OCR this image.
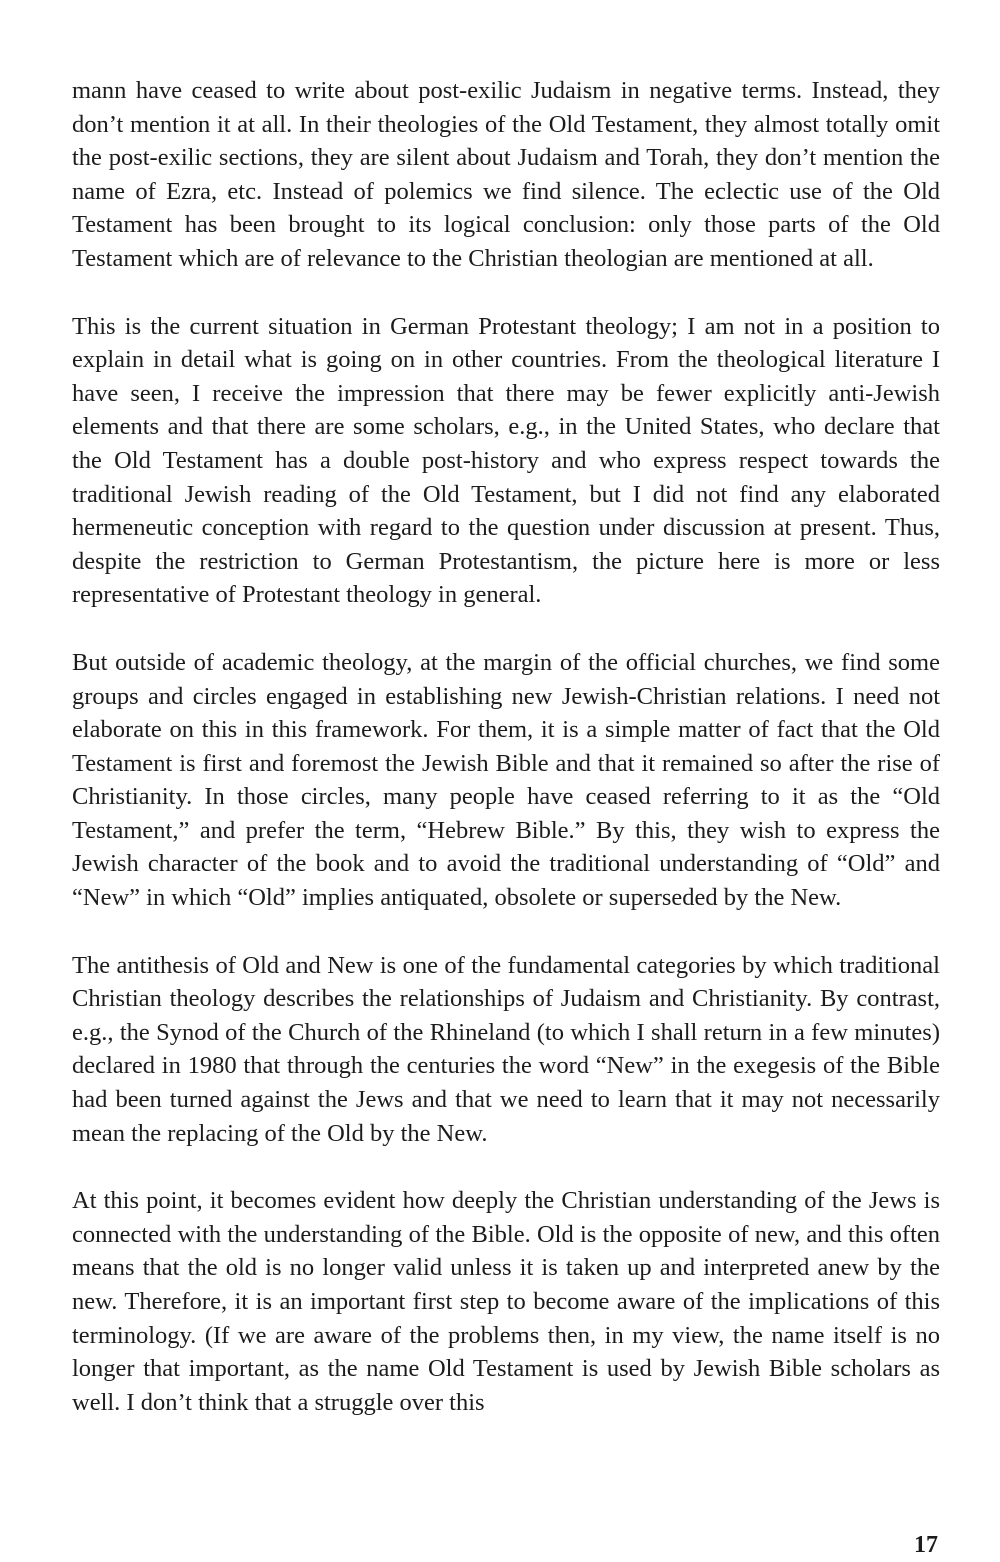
mann have ceased to write about post-exilic Judaism in negative terms. Instead, they don’t mention it at all. In their theologies of the Old Testament, they almost totally omit the post-exilic sections, they are silent about Judaism and Torah, they don’t mention the name of Ezra, etc. Instead of polemics we find silence. The eclectic use of the Old Testament has been brought to its logical conclusion: only those parts of the Old Testament which are of relevance to the Christian theologian are mentioned at all.

This is the current situation in German Protestant theology; I am not in a position to explain in detail what is going on in other countries. From the theological literature I have seen, I receive the impression that there may be fewer explicitly anti-Jewish elements and that there are some scholars, e.g., in the United States, who declare that the Old Testament has a double post-history and who express respect towards the traditional Jewish reading of the Old Testament, but I did not find any elaborated hermeneutic conception with regard to the question under discussion at present. Thus, despite the restriction to German Protestantism, the picture here is more or less representative of Protestant theology in general.

But outside of academic theology, at the margin of the official churches, we find some groups and circles engaged in establishing new Jewish-Christian relations. I need not elaborate on this in this framework. For them, it is a simple matter of fact that the Old Testament is first and foremost the Jewish Bible and that it remained so after the rise of Christianity. In those circles, many people have ceased referring to it as the “Old Testament,” and prefer the term, “Hebrew Bible.” By this, they wish to express the Jewish character of the book and to avoid the traditional understanding of “Old” and “New” in which “Old” implies antiquated, obsolete or superseded by the New.

The antithesis of Old and New is one of the fundamental categories by which traditional Christian theology describes the relationships of Judaism and Christianity. By contrast, e.g., the Synod of the Church of the Rhineland (to which I shall return in a few minutes) declared in 1980 that through the centuries the word “New” in the exegesis of the Bible had been turned against the Jews and that we need to learn that it may not necessarily mean the replacing of the Old by the New.

At this point, it becomes evident how deeply the Christian understanding of the Jews is connected with the understanding of the Bible. Old is the opposite of new, and this often means that the old is no longer valid unless it is taken up and interpreted anew by the new. Therefore, it is an important first step to become aware of the implications of this terminology. (If we are aware of the problems then, in my view, the name itself is no longer that important, as the name Old Testament is used by Jewish Bible scholars as well. I don’t think that a struggle over this

17
